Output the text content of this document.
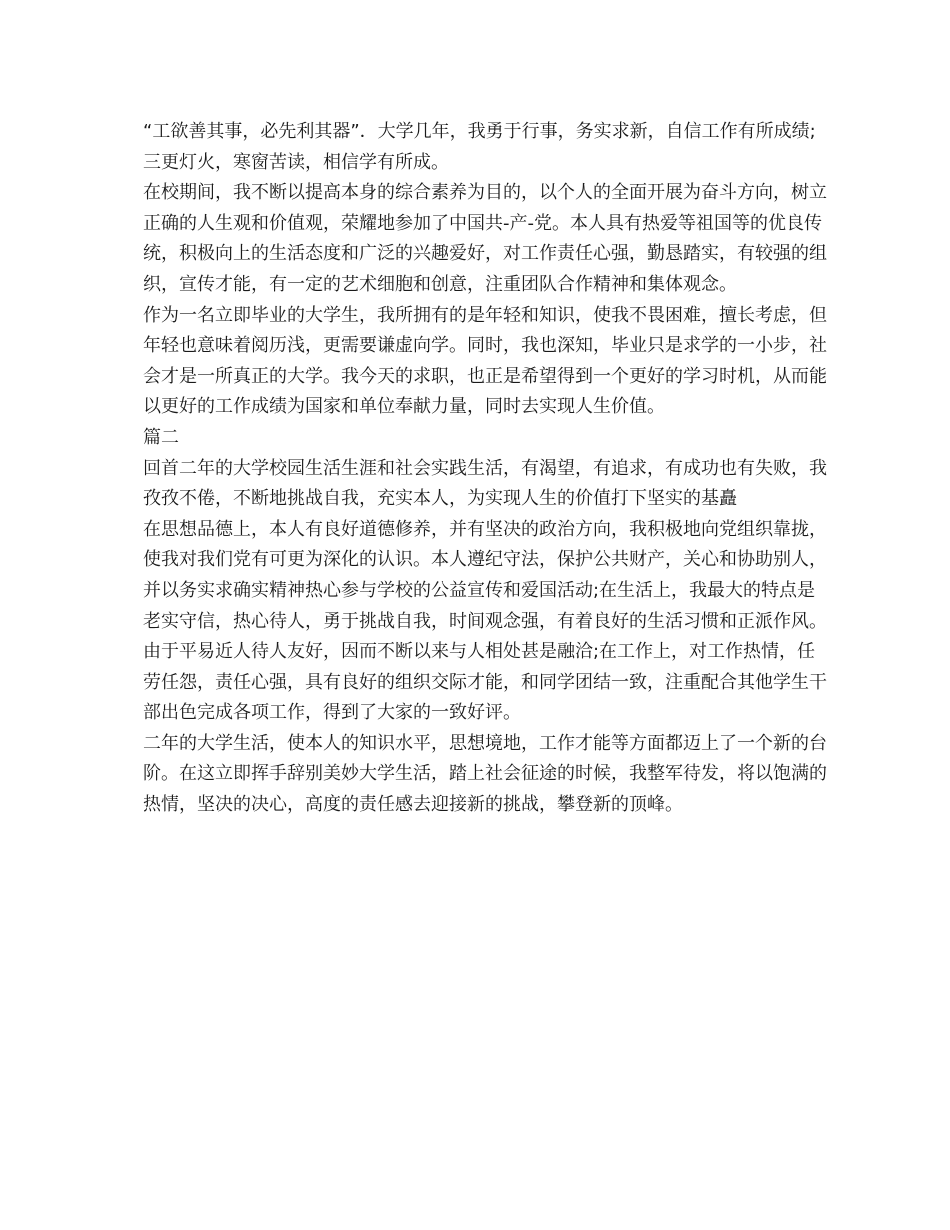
“工欲善其事，必先利其器”．大学几年，我勇于行事，务实求新，自信工作有所成绩;三更灯火，寒窗苦读，相信学有所成。

在校期间，我不断以提高本身的综合素养为目的，以个人的全面开展为奋斗方向，树立正确的人生观和价值观，荣耀地参加了中国共-产-党。本人具有热爱等祖国等的优良传统，积极向上的生活态度和广泛的兴趣爱好，对工作责任心强，勤恳踏实，有较强的组织，宣传才能，有一定的艺术细胞和创意，注重团队合作精神和集体观念。

作为一名立即毕业的大学生，我所拥有的是年轻和知识，使我不畏困难，擅长考虑，但年轻也意味着阅历浅，更需要谦虚向学。同时，我也深知，毕业只是求学的一小步，社会才是一所真正的大学。我今天的求职，也正是希望得到一个更好的学习时机，从而能以更好的工作成绩为国家和单位奉献力量，同时去实现人生价值。

篇二

回首二年的大学校园生活生涯和社会实践生活，有渴望，有追求，有成功也有失败，我孜孜不倦，不断地挑战自我，充实本人，为实现人生的价值打下坚实的基矗

在思想品德上，本人有良好道德修养，并有坚决的政治方向，我积极地向党组织靠拢，使我对我们党有可更为深化的认识。本人遵纪守法，保护公共财产，关心和协助别人，并以务实求确实精神热心参与学校的公益宣传和爱国活动;在生活上，我最大的特点是老实守信，热心待人，勇于挑战自我，时间观念强，有着良好的生活习惯和正派作风。由于平易近人待人友好，因而不断以来与人相处甚是融洽;在工作上，对工作热情，任劳任怨，责任心强，具有良好的组织交际才能，和同学团结一致，注重配合其他学生干部出色完成各项工作，得到了大家的一致好评。

二年的大学生活，使本人的知识水平，思想境地，工作才能等方面都迈上了一个新的台阶。在这立即挥手辞别美妙大学生活，踏上社会征途的时候，我整军待发，将以饱满的热情，坚决的决心，高度的责任感去迎接新的挑战，攀登新的顶峰。
